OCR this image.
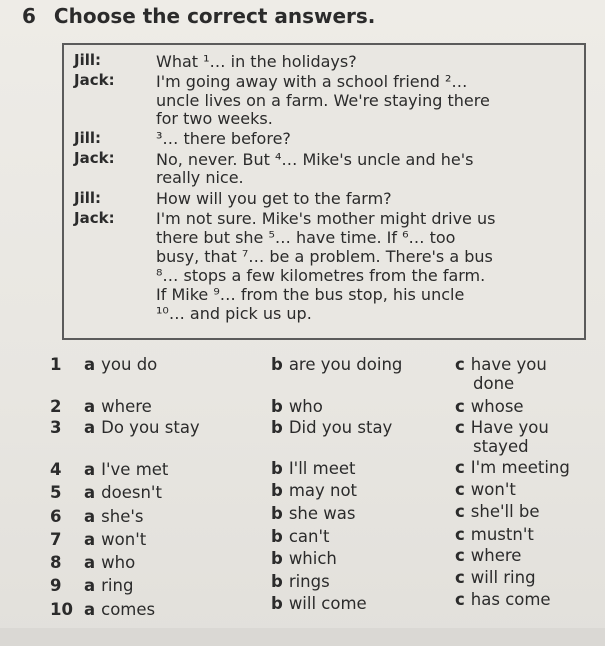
6 Choose the correct answers.
Jill:	What ¹… in the holidays?
Jack:	I'm going away with a school friend ²…
uncle lives on a farm. We're staying there
for two weeks.
Jill:	³… there before?
Jack:	No, never. But ⁴… Mike's uncle and he's
really nice.
Jill:	How will you get to the farm?
Jack:	I'm not sure. Mike's mother might drive us
there but she ⁵… have time. If ⁶… too
busy, that ⁷… be a problem. There's a bus
⁸… stops a few kilometres from the farm.
If Mike ⁹… from the bus stop, his uncle
¹⁰… and pick us up.
1 a you do	b are you doing	c have you
done
2 a where	b who	c whose
3 a Do you stay	b Did you stay	c Have you
stayed
4 a I've met	b I'll meet	c I'm meeting
5 a doesn't	b may not	c won't
6 a she's	b she was	c she'll be
7 a won't	b can't	c mustn't
8 a who	b which	c where
9 a ring	b rings	c will ring
10 a comes	b will come	c has come
